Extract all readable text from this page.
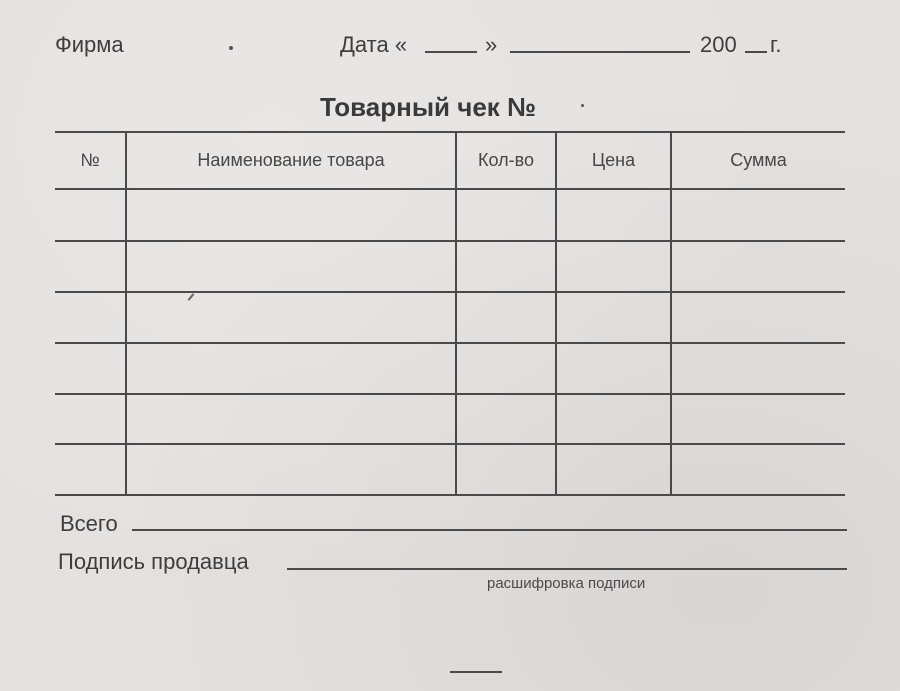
Фирма	Дата «	»	200 г.
Товарный чек №
№	Наименование товара	Кол-во	Цена	Сумма
Всего
Подпись продавца
расшифровка подписи
